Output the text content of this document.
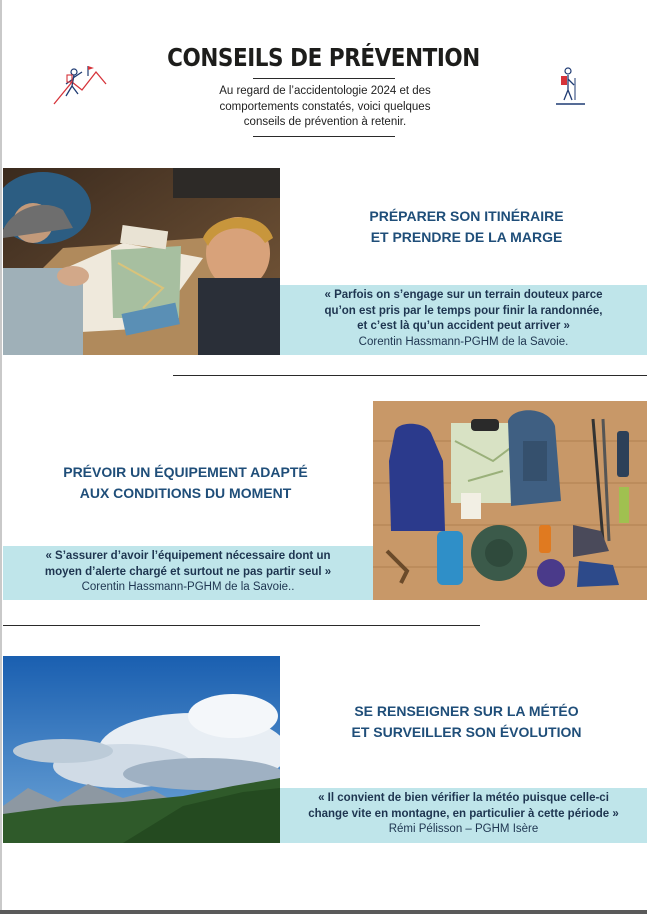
CONSEILS DE PRÉVENTION
Au regard de l’accidentologie 2024 et des
comportements constatés, voici quelques
conseils de prévention à retenir.
PRÉPARER SON ITINÉRAIRE
ET PRENDRE DE LA MARGE
« Parfois on s’engage sur un terrain douteux parce
qu’on est pris par le temps pour finir la randonnée,
et c’est là qu’un accident peut arriver »
Corentin Hassmann-PGHM de la Savoie.
PRÉVOIR UN ÉQUIPEMENT ADAPTÉ
AUX CONDITIONS DU MOMENT
« S’assurer d’avoir l’équipement nécessaire dont un
moyen d’alerte chargé et surtout ne pas partir seul »
Corentin Hassmann-PGHM de la Savoie..
SE RENSEIGNER SUR LA MÉTÉO
ET SURVEILLER SON ÉVOLUTION
« Il convient de bien vérifier la météo puisque celle-ci
change vite en montagne, en particulier à cette période »
Rémi Pélisson – PGHM Isère
